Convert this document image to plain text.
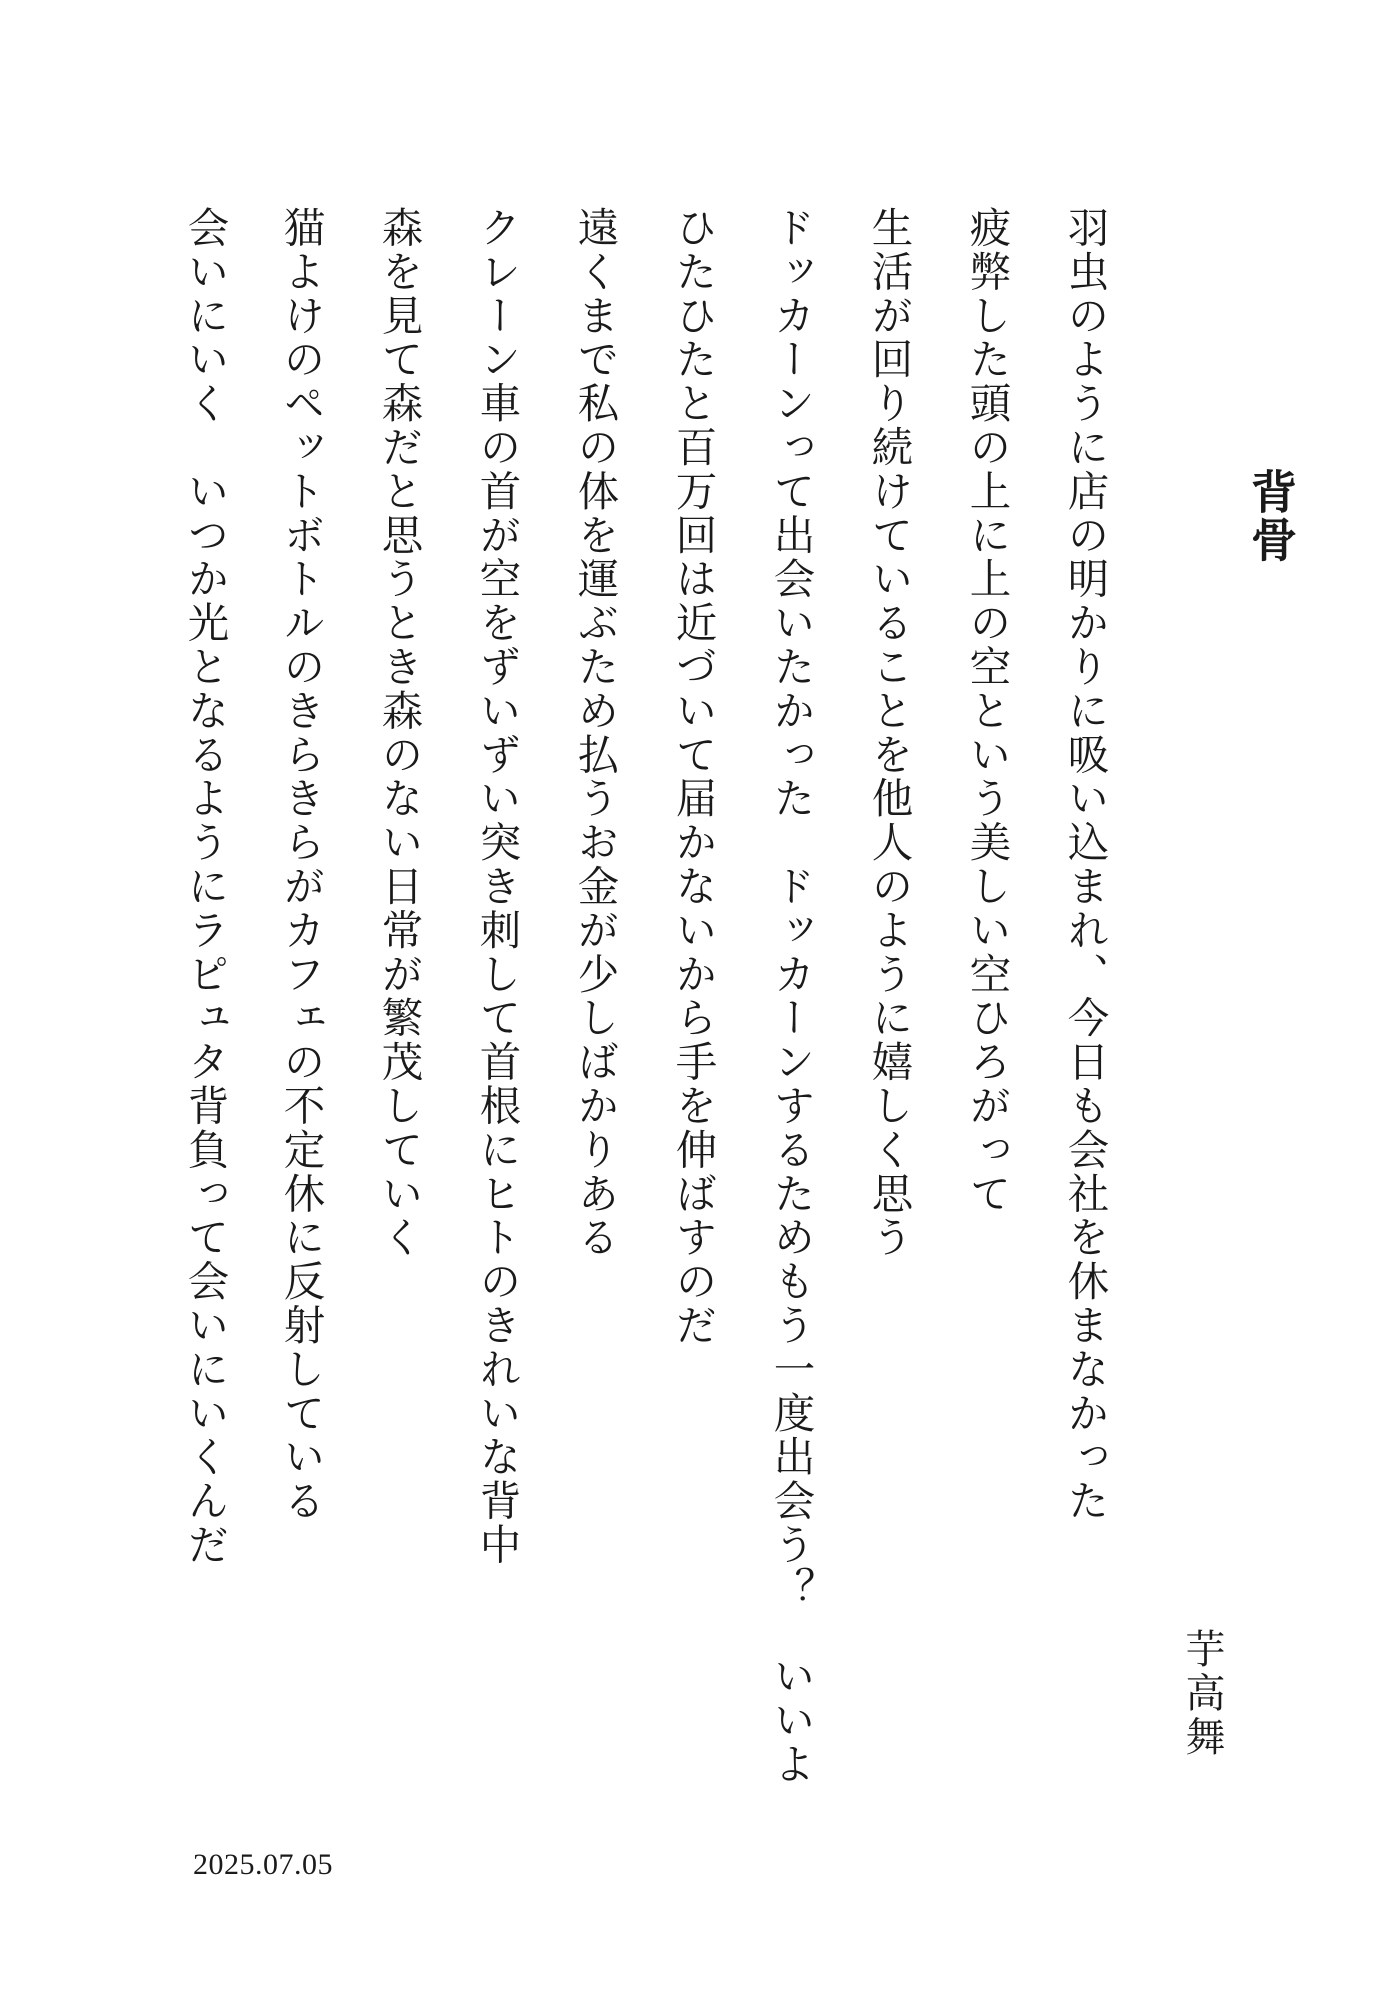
背骨
芋高舞
羽虫のように店の明かりに吸い込まれ、今日も会社を休まなかった
疲弊した頭の上に上の空という美しい空ひろがって
生活が回り続けていることを他人のように嬉しく思う
ドッカーンって出会いたかった　ドッカーンするためもう一度出会う？　いいよ
ひたひたと百万回は近づいて届かないから手を伸ばすのだ
遠くまで私の体を運ぶため払うお金が少しばかりある
クレーン車の首が空をずいずい突き刺して首根にヒトのきれいな背中
森を見て森だと思うとき森のない日常が繁茂していく
猫よけのペットボトルのきらきらがカフェの不定休に反射している
会いにいく　いつか光となるようにラピュタ背負って会いにいくんだ
2025.07.05
